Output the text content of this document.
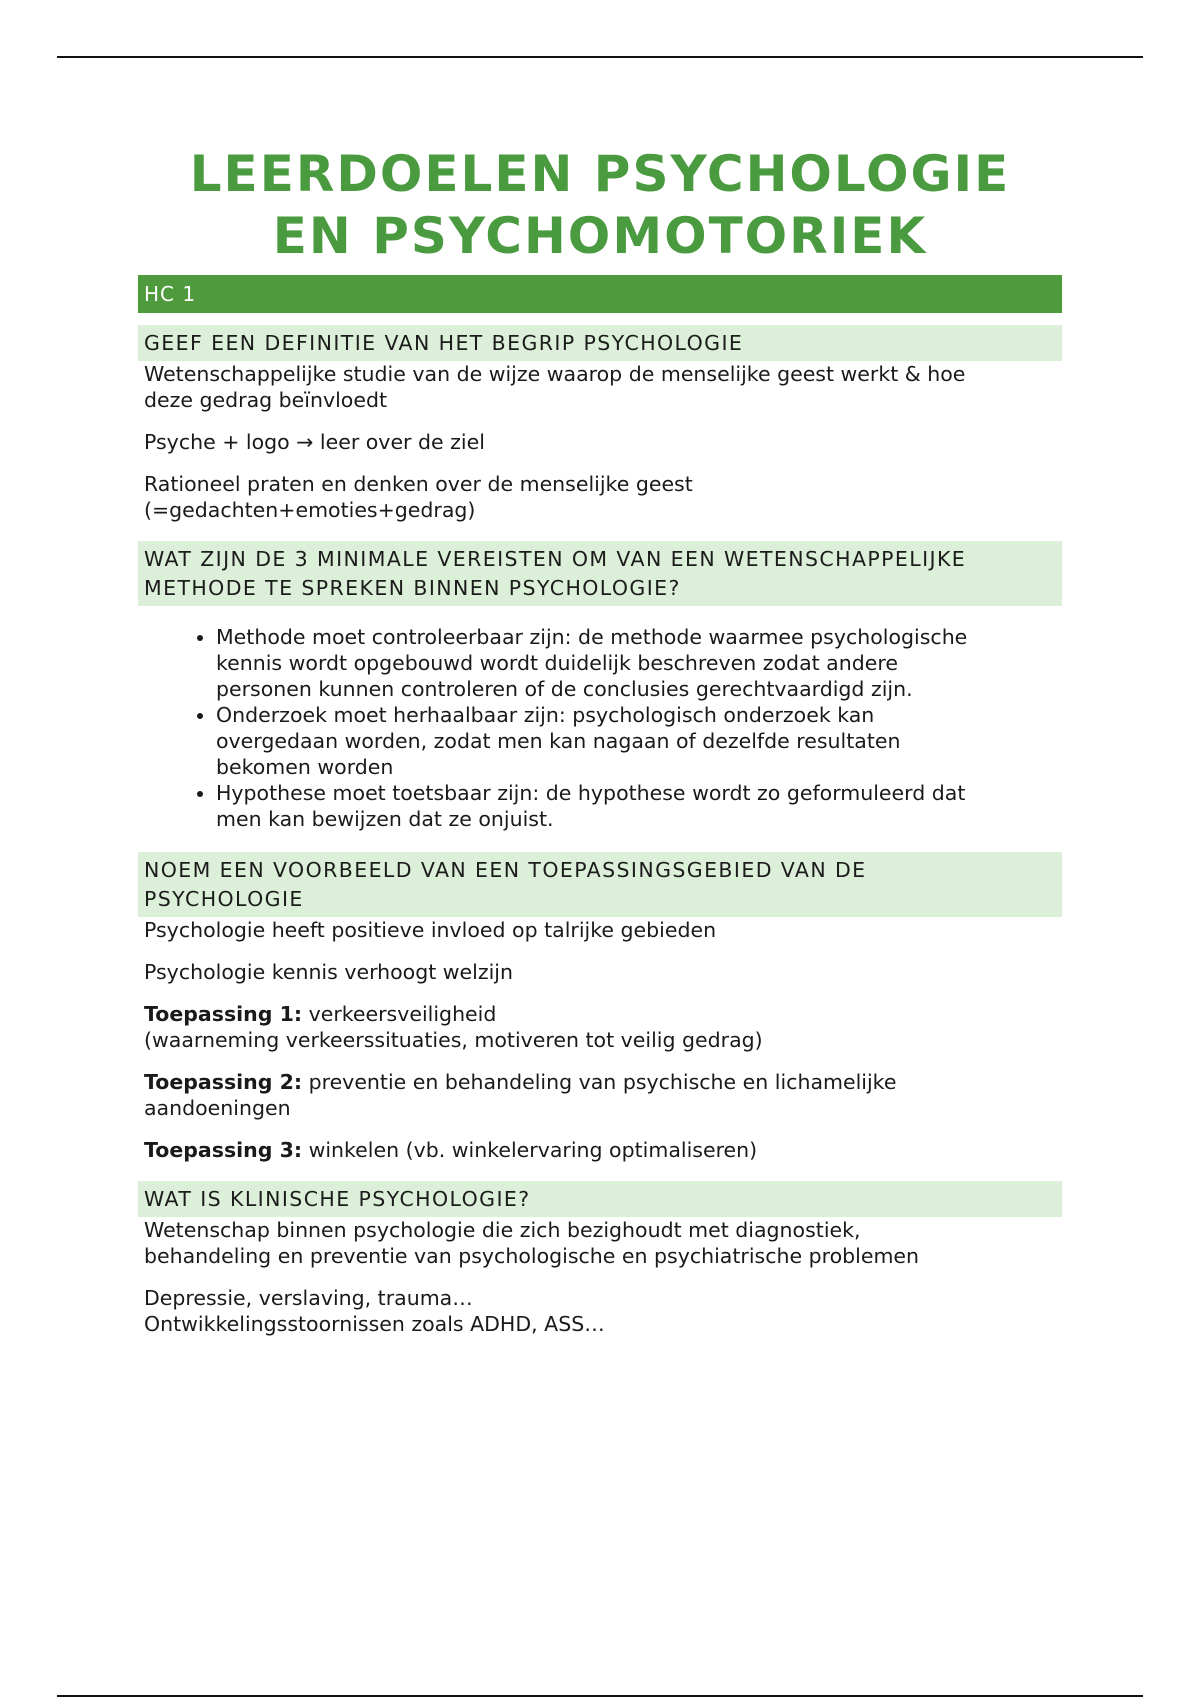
LEERDOELEN PSYCHOLOGIE
EN PSYCHOMOTORIEK
HC 1
GEEF EEN DEFINITIE VAN HET BEGRIP PSYCHOLOGIE

Wetenschappelijke studie van de wijze waarop de menselijke geest werkt & hoe
deze gedrag beïnvloedt

Psyche + logo → leer over de ziel

Rationeel praten en denken over de menselijke geest
(=gedachten+emoties+gedrag)

WAT ZIJN DE 3 MINIMALE VEREISTEN OM VAN EEN WETENSCHAPPELIJKE
METHODE TE SPREKEN BINNEN PSYCHOLOGIE?
• Methode moet controleerbaar zijn: de methode waarmee psychologische
kennis wordt opgebouwd wordt duidelijk beschreven zodat andere
personen kunnen controleren of de conclusies gerechtvaardigd zijn.
• Onderzoek moet herhaalbaar zijn: psychologisch onderzoek kan
overgedaan worden, zodat men kan nagaan of dezelfde resultaten
bekomen worden
• Hypothese moet toetsbaar zijn: de hypothese wordt zo geformuleerd dat
men kan bewijzen dat ze onjuist.
NOEM EEN VOORBEELD VAN EEN TOEPASSINGSGEBIED VAN DE
PSYCHOLOGIE

Psychologie heeft positieve invloed op talrijke gebieden

Psychologie kennis verhoogt welzijn

Toepassing 1: verkeersveiligheid
(waarneming verkeerssituaties, motiveren tot veilig gedrag)

Toepassing 2: preventie en behandeling van psychische en lichamelijke
aandoeningen

Toepassing 3: winkelen (vb. winkelervaring optimaliseren)

WAT IS KLINISCHE PSYCHOLOGIE?

Wetenschap binnen psychologie die zich bezighoudt met diagnostiek,
behandeling en preventie van psychologische en psychiatrische problemen

Depressie, verslaving, trauma…
Ontwikkelingsstoornissen zoals ADHD, ASS…
